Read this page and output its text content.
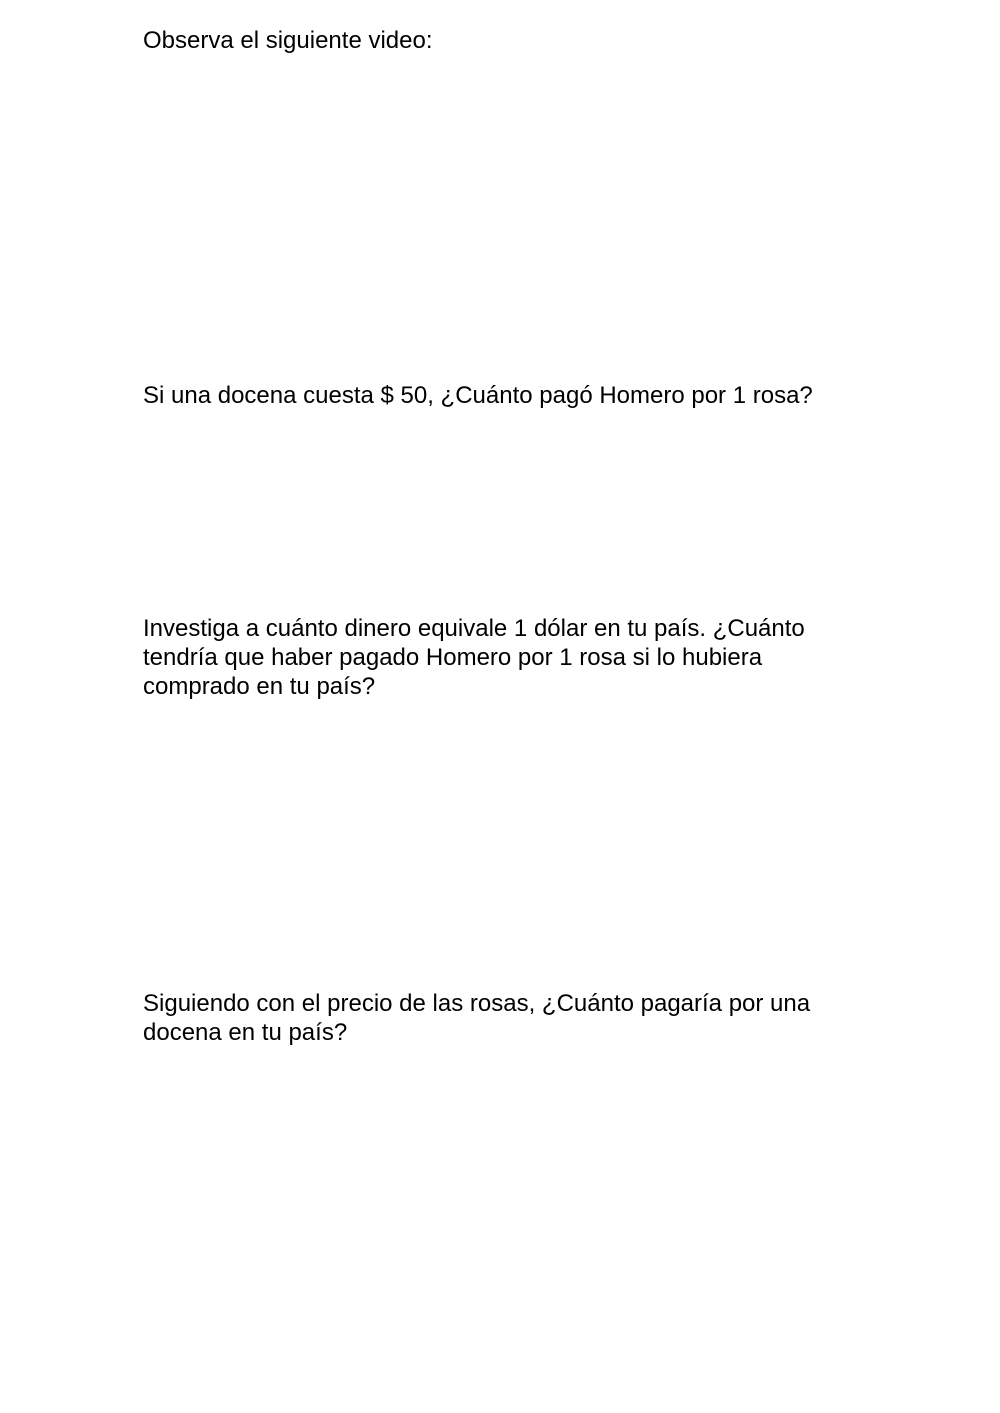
Observa el siguiente video:

Si una docena cuesta $ 50, ¿Cuánto pagó Homero por 1 rosa?

Investiga a cuánto dinero equivale 1 dólar en tu país. ¿Cuánto
tendría que haber pagado Homero por 1 rosa si lo hubiera
comprado en tu país?

Siguiendo con el precio de las rosas, ¿Cuánto pagaría por una
docena en tu país?
